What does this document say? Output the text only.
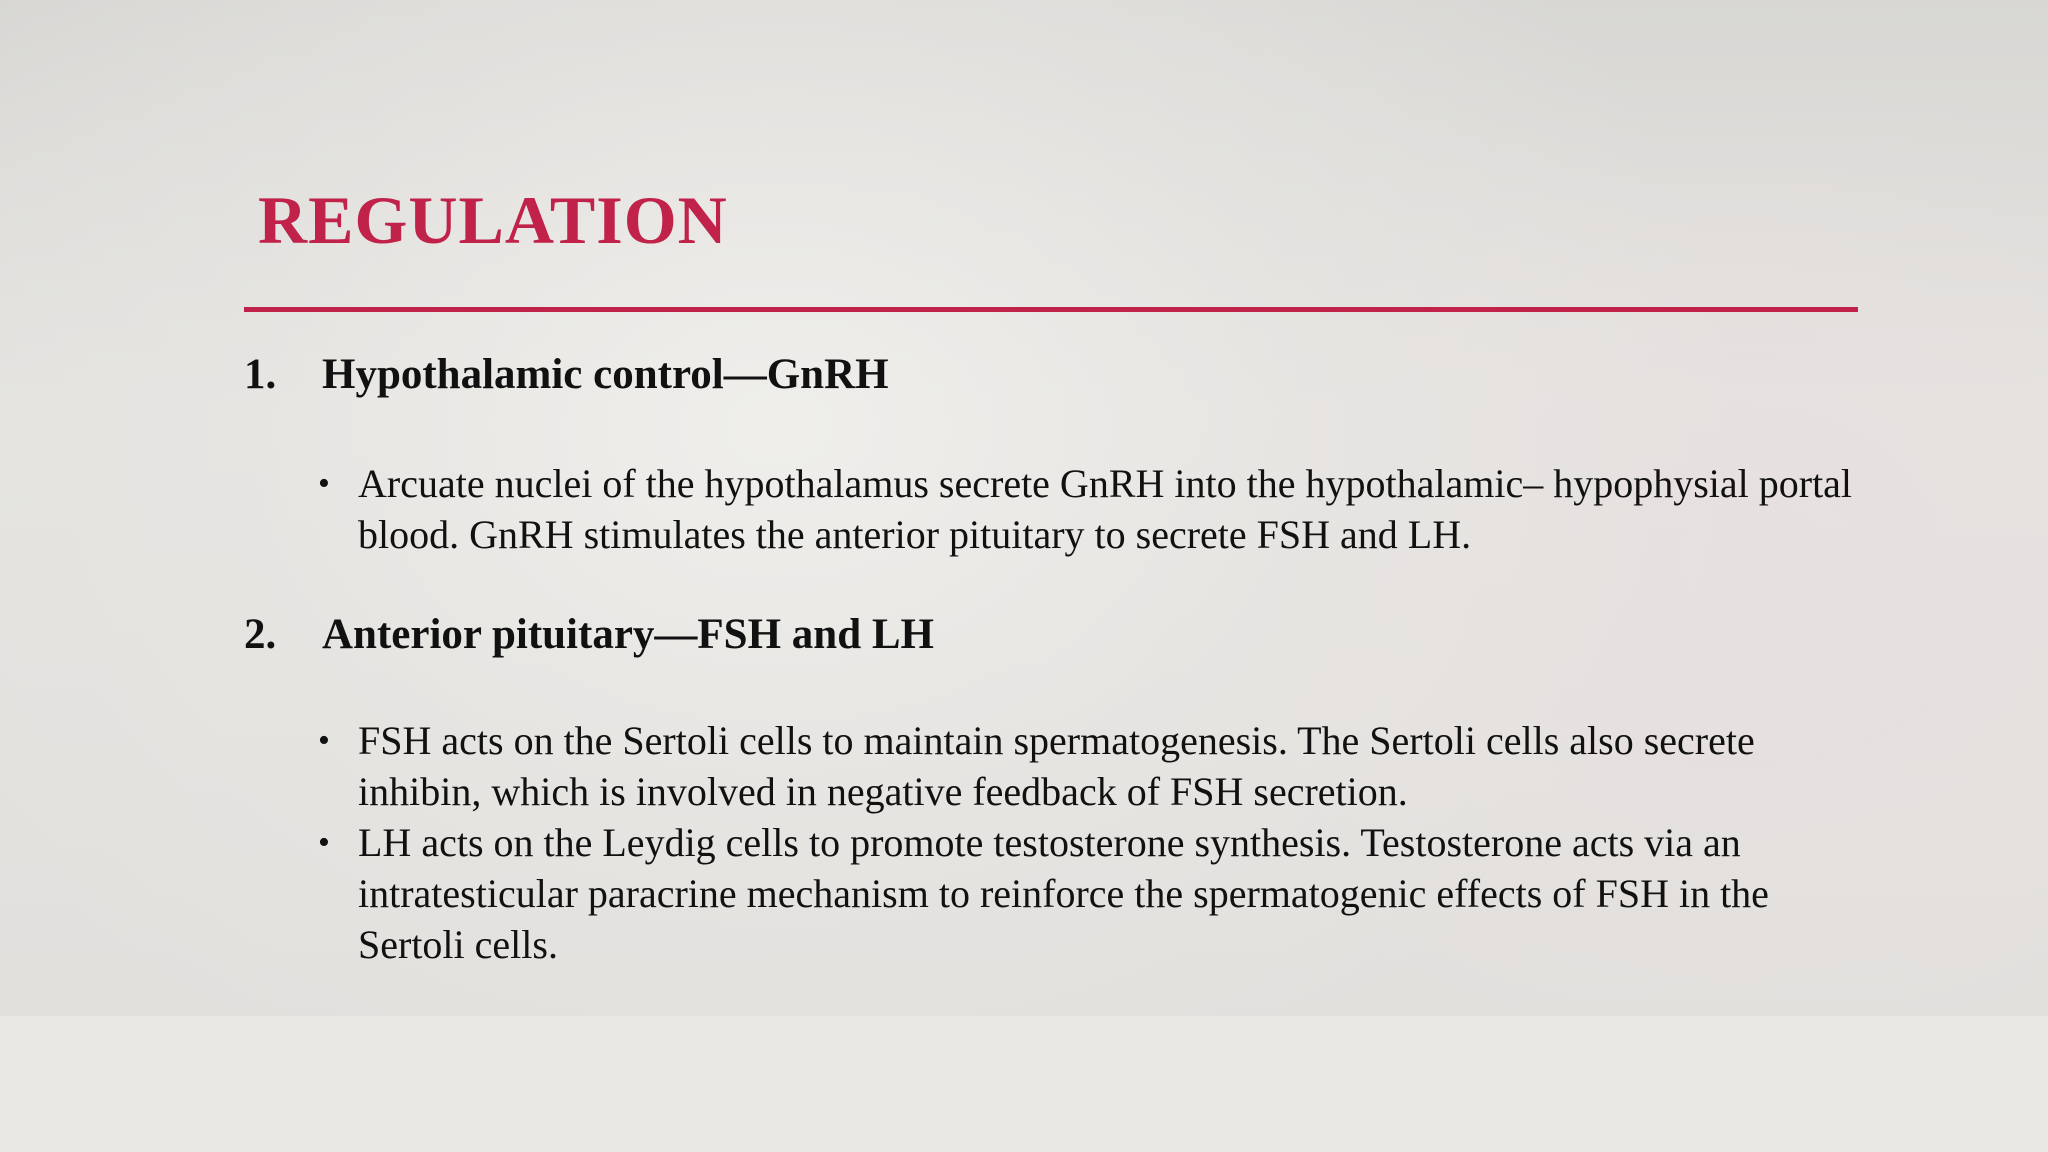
REGULATION
1. Hypothalamic control—GnRH
• Arcuate nuclei of the hypothalamus secrete GnRH into the hypothalamic– hypophysial portal blood. GnRH stimulates the anterior pituitary to secrete FSH and LH.
2. Anterior pituitary—FSH and LH
• FSH acts on the Sertoli cells to maintain spermatogenesis. The Sertoli cells also secrete inhibin, which is involved in negative feedback of FSH secretion.
• LH acts on the Leydig cells to promote testosterone synthesis. Testosterone acts via an intratesticular paracrine mechanism to reinforce the spermatogenic effects of FSH in the Sertoli cells.
